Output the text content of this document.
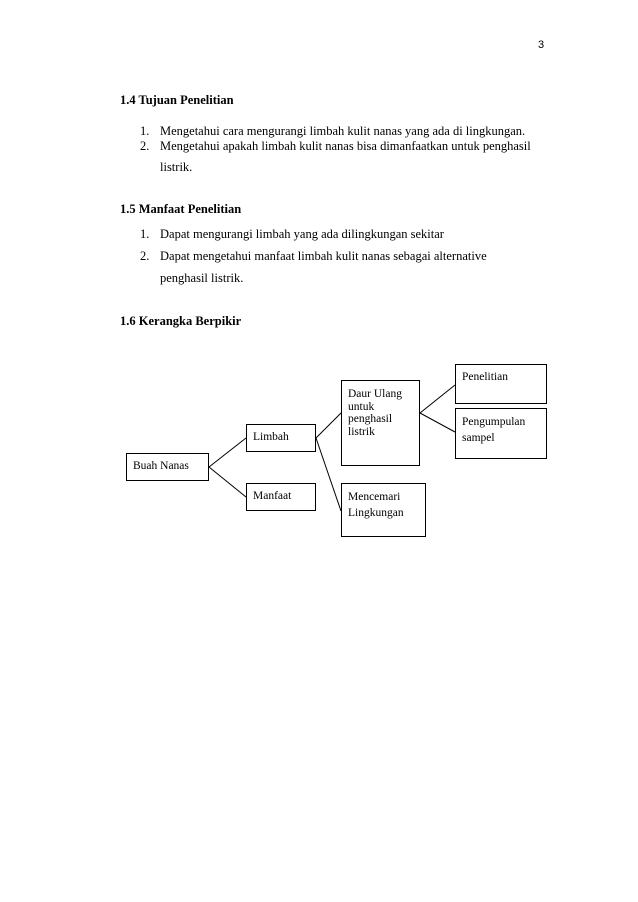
3
1.4 Tujuan Penelitian
1. Mengetahui cara mengurangi limbah kulit nanas yang ada di lingkungan.
2. Mengetahui apakah limbah kulit nanas bisa dimanfaatkan untuk penghasil
listrik.
1.5 Manfaat Penelitian
1. Dapat mengurangi limbah yang ada dilingkungan sekitar
2. Dapat mengetahui manfaat limbah kulit nanas sebagai alternative
penghasil listrik.
1.6 Kerangka Berpikir
Buah Nanas
Limbah
Manfaat
Daur Ulang
untuk
penghasil
listrik
Mencemari
Lingkungan
Penelitian
Pengumpulan
sampel
